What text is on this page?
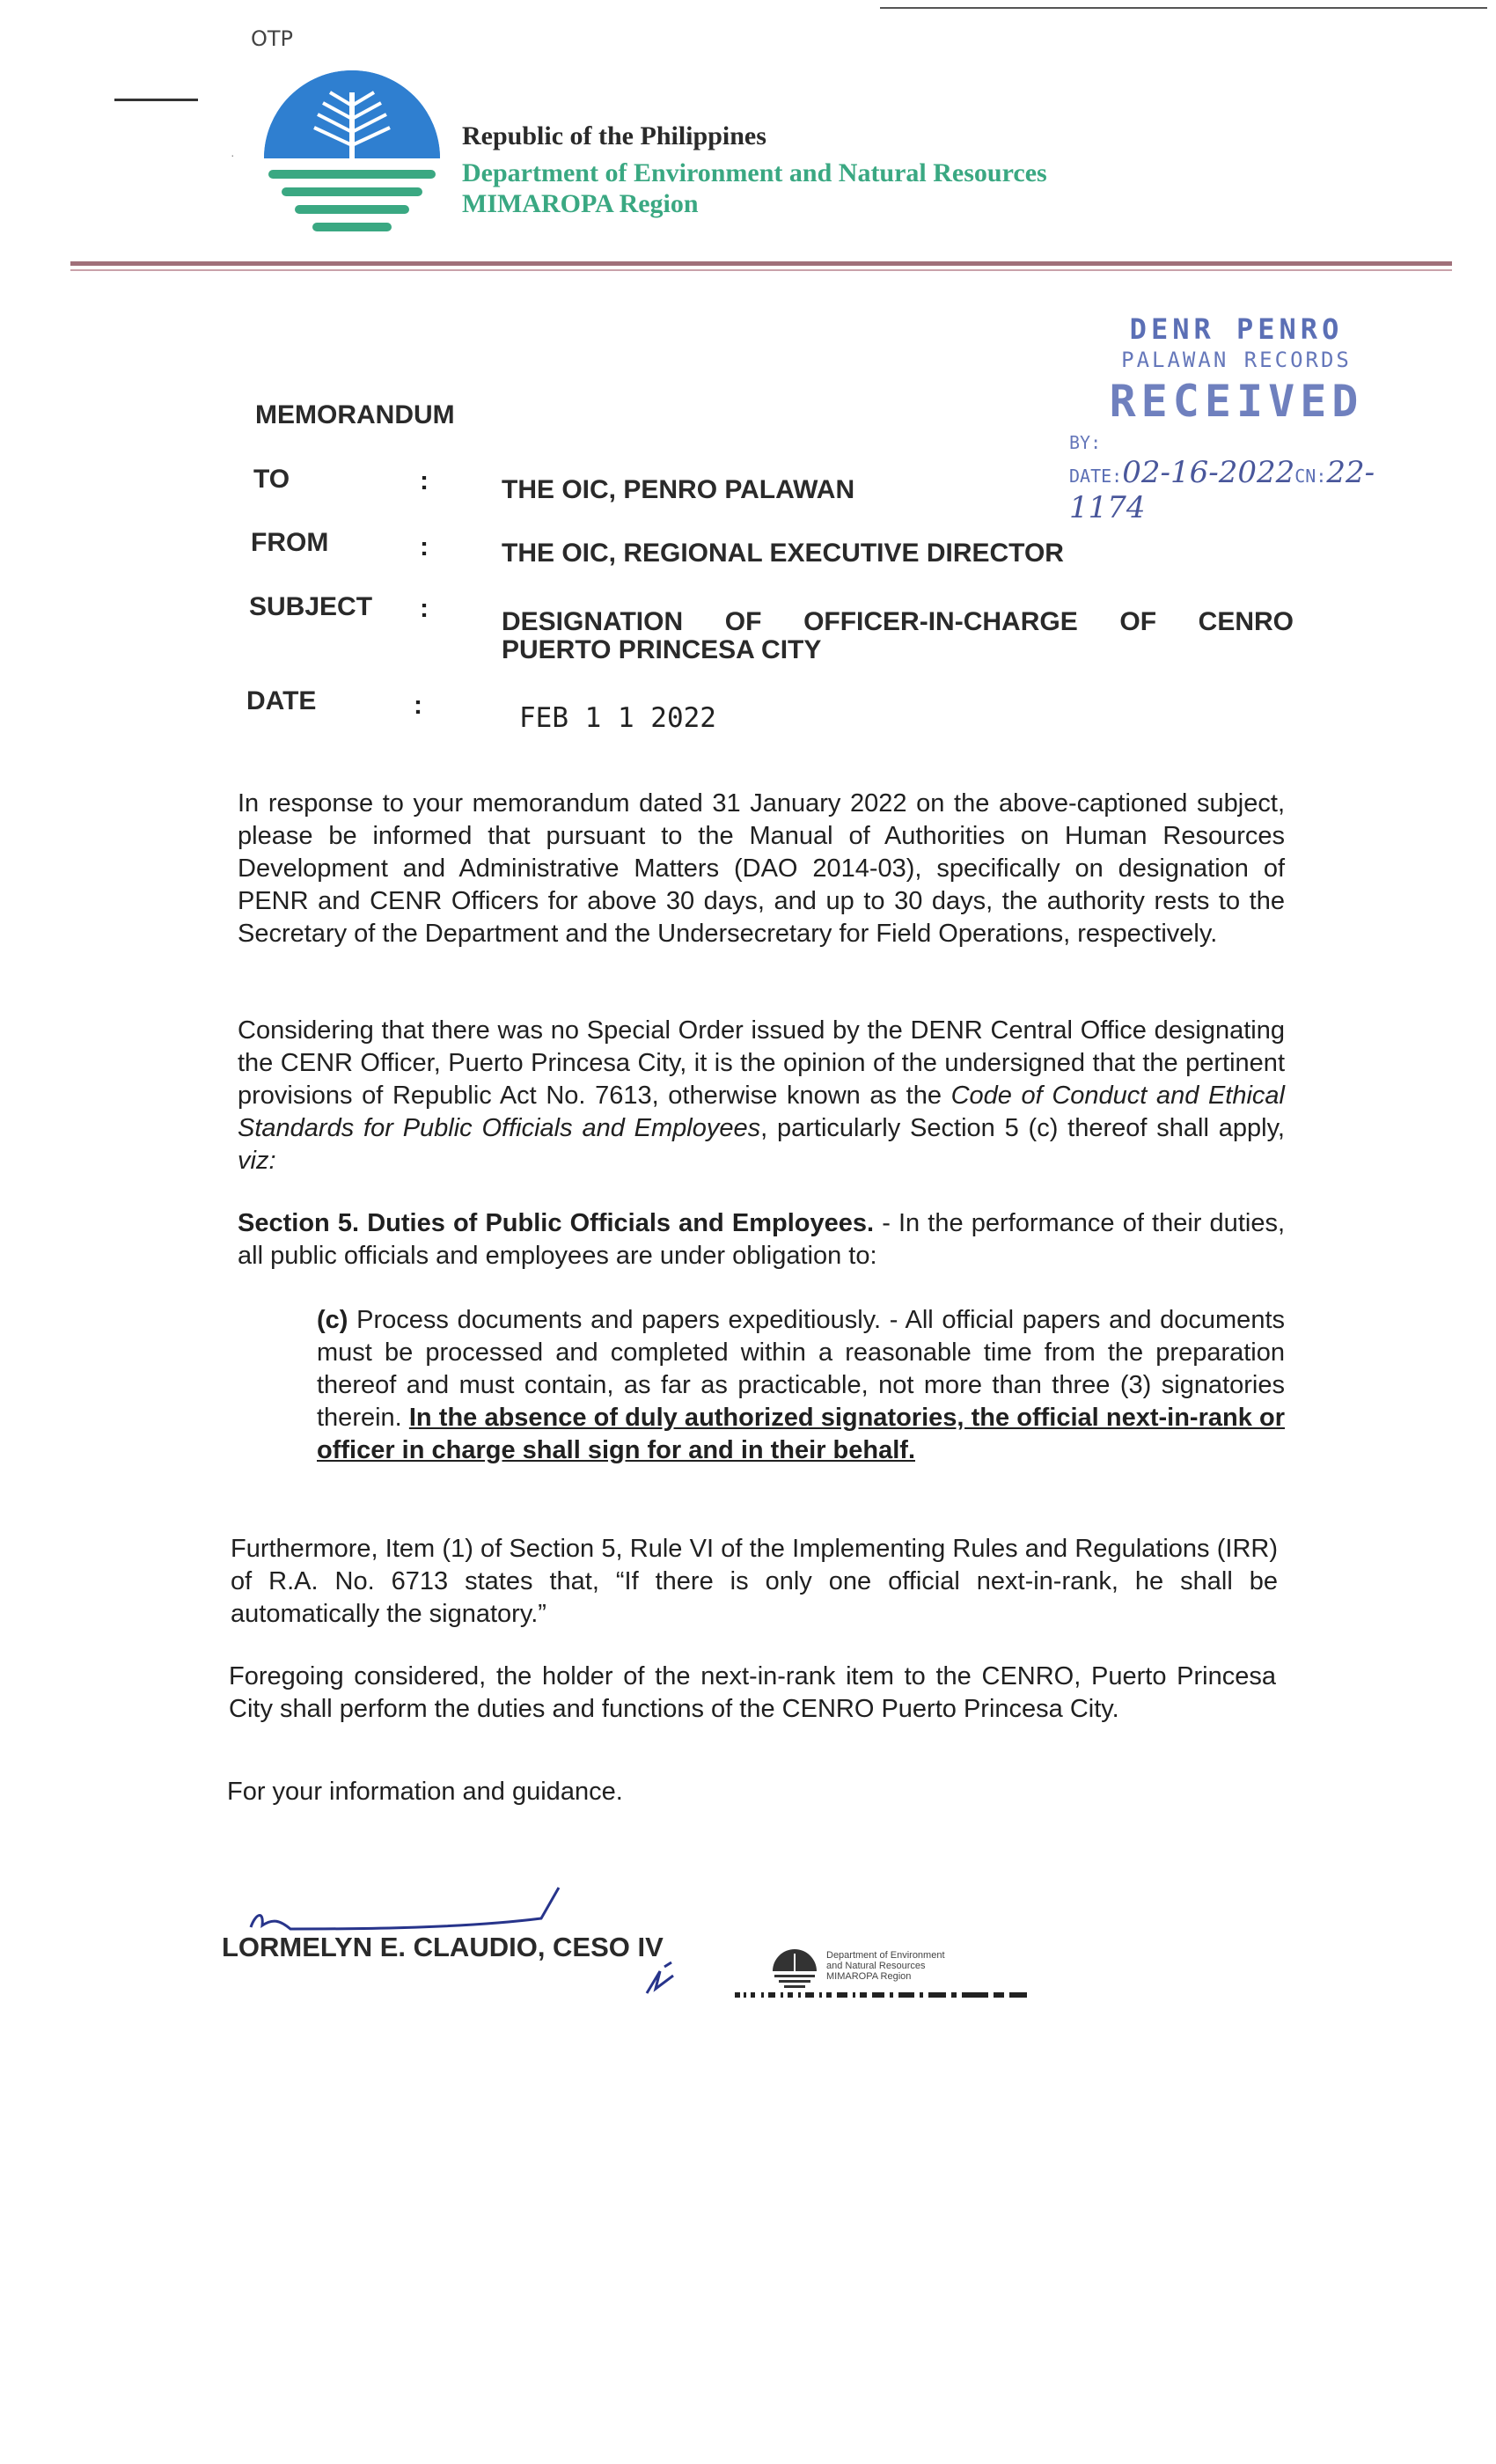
OTP
·
Republic of the Philippines
Department of Environment and Natural Resources
MIMAROPA Region
DENR PENRO
PALAWAN RECORDS
RECEIVED
BY:
DATE:02-16-2022CN:22-1174
MEMORANDUM
TO	:	THE OIC, PENRO PALAWAN
FROM	:	THE OIC, REGIONAL EXECUTIVE DIRECTOR
SUBJECT :	DESIGNATION OF OFFICER-IN-CHARGE OF CENRO
PUERTO PRINCESA CITY
DATE	:	FEB 1 1 2022
In response to your memorandum dated 31 January 2022 on the above-captioned subject, please be informed that pursuant to the Manual of Authorities on Human Resources Development and Administrative Matters (DAO 2014-03), specifically on designation of PENR and CENR Officers for above 30 days, and up to 30 days, the authority rests to the Secretary of the Department and the Undersecretary for Field Operations, respectively.
Considering that there was no Special Order issued by the DENR Central Office designating the CENR Officer, Puerto Princesa City, it is the opinion of the undersigned that the pertinent provisions of Republic Act No. 7613, otherwise known as the Code of Conduct and Ethical Standards for Public Officials and Employees, particularly Section 5 (c) thereof shall apply, viz:
Section 5. Duties of Public Officials and Employees. - In the performance of their duties, all public officials and employees are under obligation to:
(c) Process documents and papers expeditiously. - All official papers and documents must be processed and completed within a reasonable time from the preparation thereof and must contain, as far as practicable, not more than three (3) signatories therein. In the absence of duly authorized signatories, the official next-in-rank or officer in charge shall sign for and in their behalf.
Furthermore, Item (1) of Section 5, Rule VI of the Implementing Rules and Regulations (IRR) of R.A. No. 6713 states that, “If there is only one official next-in-rank, he shall be automatically the signatory.”
Foregoing considered, the holder of the next-in-rank item to the CENRO, Puerto Princesa City shall perform the duties and functions of the CENRO Puerto Princesa City.
For your information and guidance.
LORMELYN E. CLAUDIO, CESO IV	Department of Environment
and Natural Resources
MIMAROPA Region
